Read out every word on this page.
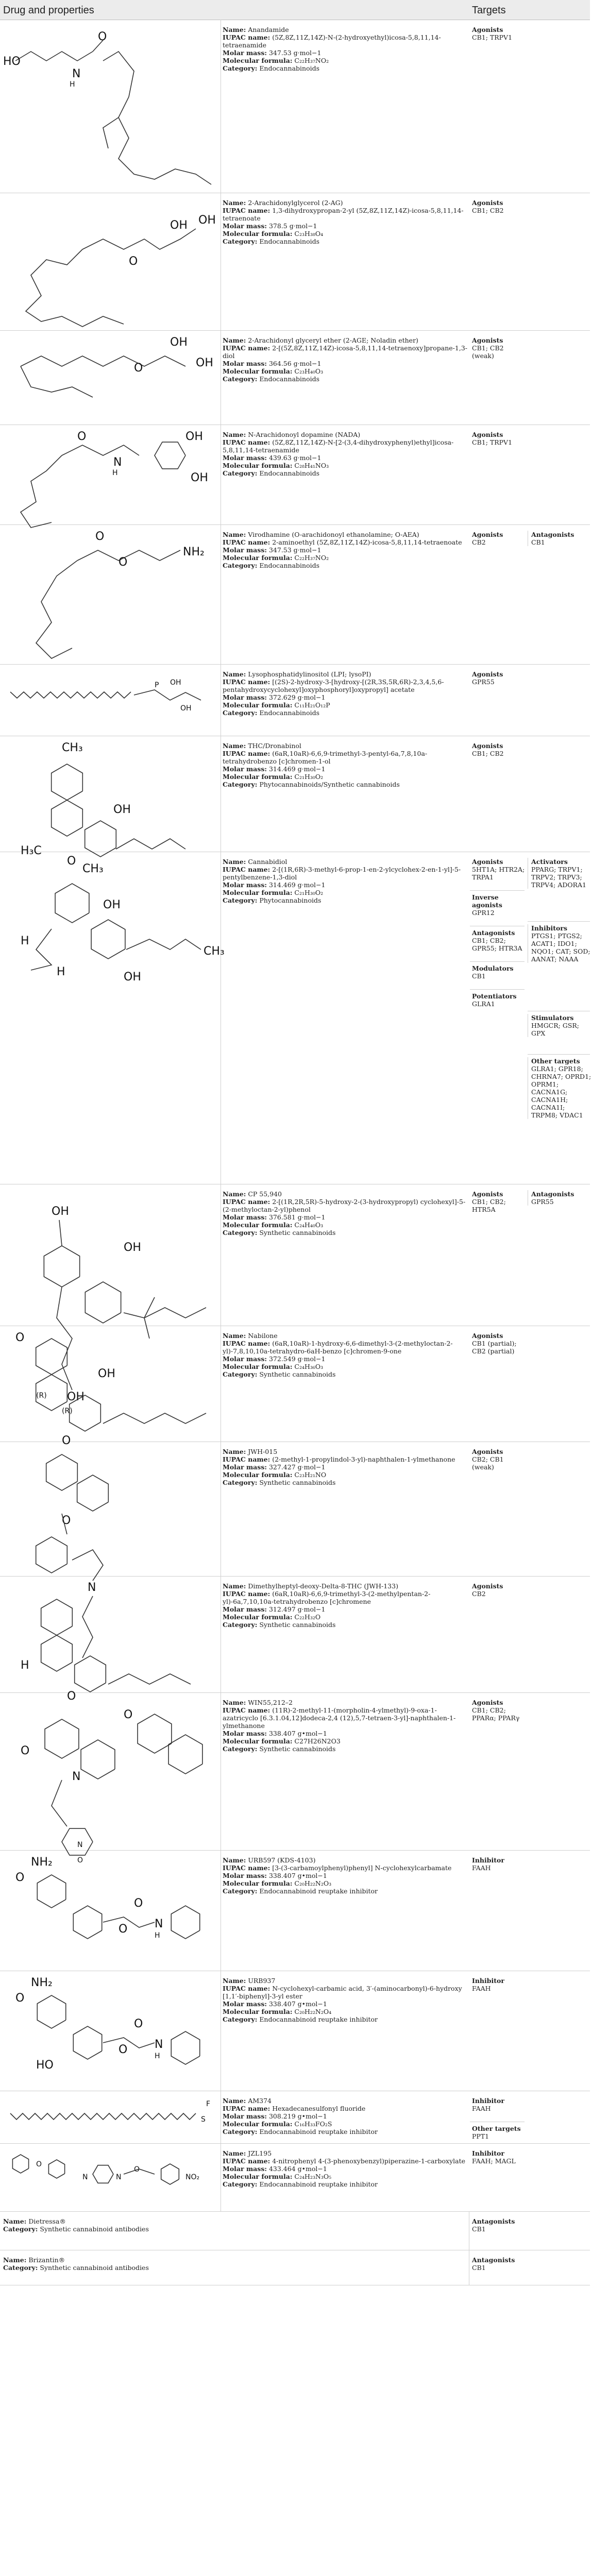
Drug and properties	Targets
HO
N
O
H
Name: Anandamide
IUPAC name: (5Z,8Z,11Z,14Z)-N-(2-hydroxyethyl)icosa-5,8,11,14-tetraenamide
Molar mass: 347.53 g·mol−1
Molecular formula: C₂₂H₃₇NO₂
Category: Endocannabinoids
Agonists
CB1; TRPV1
O
OH OH
Name: 2-Arachidonylglycerol (2-AG)
IUPAC name: 1,3-dihydroxypropan-2-yl (5Z,8Z,11Z,14Z)-icosa-5,8,11,14-tetraenoate
Molar mass: 378.5 g·mol−1
Molecular formula: C₂₃H₃₈O₄
Category: Endocannabinoids
Agonists
CB1; CB2
O
OH
OH
Name: 2-Arachidonyl glyceryl ether (2-AGE; Noladin ether)
IUPAC name: 2-[(5Z,8Z,11Z,14Z)-icosa-5,8,11,14-tetraenoxy]propane-1,3-diol
Molar mass: 364.56 g·mol−1
Molecular formula: C₂₃H₄₀O₃
Category: Endocannabinoids
Agonists
CB1; CB2 (weak)
O
N
H
OH
OH
Name: N-Arachidonoyl dopamine (NADA)
IUPAC name: (5Z,8Z,11Z,14Z)-N-[2-(3,4-dihydroxyphenyl)ethyl]icosa-5,8,11,14-tetraenamide
Molar mass: 439.63 g·mol−1
Molecular formula: C₂₈H₄₁NO₃
Category: Endocannabinoids
Agonists
CB1; TRPV1
O
O
NH₂
Name: Virodhamine (O-arachidonoyl ethanolamine; O-AEA)
IUPAC name: 2-aminoethyl (5Z,8Z,11Z,14Z)-icosa-5,8,11,14-tetraenoate
Molar mass: 347.53 g·mol−1
Molecular formula: C₂₂H₃₇NO₂
Category: Endocannabinoids
Agonists
CB2
Antagonists
CB1
P OH
OH
Name: Lysophosphatidylinositol (LPI; lysoPI)
IUPAC name: [(2S)-2-hydroxy-3-[hydroxy-[(2R,3S,5R,6R)-2,3,4,5,6-pentahydroxycyclohexyl]oxyphosphoryl]oxypropyl] acetate
Molar mass: 372.629 g·mol−1
Molecular formula: C₁₁H₂₁O₁₂P
Category: Endocannabinoids
Agonists
GPR55
CH₃
H₃C
OH
O
Name: THC/Dronabinol
IUPAC name: (6aR,10aR)-6,6,9-trimethyl-3-pentyl-6a,7,8,10a-tetrahydrobenzo [c]chromen-1-ol
Molar mass: 314.469 g·mol−1
Molecular formula: C₂₁H₃₀O₂
Category: Phytocannabinoids/Synthetic cannabinoids
Agonists
CB1; CB2
CH₃
OH
OH
H
H
CH₃
Name: Cannabidiol
IUPAC name: 2-[(1R,6R)-3-methyl-6-prop-1-en-2-ylcyclohex-2-en-1-yl]-5-pentylbenzene-1,3-diol
Molar mass: 314.469 g·mol−1
Molecular formula: C₂₁H₃₀O₂
Category: Phytocannabinoids
Agonists
5HT1A; HTR2A; TRPA1
Inverse agonists
GPR12
Antagonists
CB1; CB2; GPR55; HTR3A
Modulators
CB1
Potentiators
GLRA1
Activators
PPARG; TRPV1; TRPV2; TRPV3; TRPV4; ADORA1
Inhibitors
PTGS1; PTGS2; ACAT1; IDO1; NQO1; CAT; SOD; AANAT; NAAA
Stimulators
HMGCR; GSR; GPX
Other targets
GLRA1; GPR18; CHRNA7; OPRD1; OPRM1; CACNA1G; CACNA1H; CACNA1I; TRPM8; VDAC1
OH
OH
OH
Name: CP 55,940
IUPAC name: 2-[(1R,2R,5R)-5-hydroxy-2-(3-hydroxypropyl) cyclohexyl]-5-(2-methyloctan-2-yl)phenol
Molar mass: 376.581 g·mol−1
Molecular formula: C₂₄H₄₀O₃
Category: Synthetic cannabinoids
Agonists
CB1; CB2; HTR5A
Antagonists
GPR55
O
OH
O
(R)
(R)
Name: Nabilone
IUPAC name: (6aR,10aR)-1-hydroxy-6,6-dimethyl-3-(2-methyloctan-2-yl)-7,8,10,10a-tetrahydro-6aH-benzo [c]chromen-9-one
Molar mass: 372.549 g·mol−1
Molecular formula: C₂₄H₃₆O₃
Category: Synthetic cannabinoids
Agonists
CB1 (partial); CB2 (partial)
O
N
Name: JWH-015
IUPAC name: (2-methyl-1-propylindol-3-yl)-naphthalen-1-ylmethanone
Molar mass: 327.427 g·mol−1
Molecular formula: C₂₃H₂₁NO
Category: Synthetic cannabinoids
Agonists
CB2; CB1 (weak)
H
O
Name: Dimethylheptyl-deoxy-Delta-8-THC (JWH-133)
IUPAC name: (6aR,10aR)-6,6,9-trimethyl-3-(2-methylpentan-2-yl)-6a,7,10,10a-tetrahydrobenzo [c]chromene
Molar mass: 312.497 g·mol−1
Molecular formula: C₂₂H₃₂O
Category: Synthetic cannabinoids
Agonists
CB2
O
N
O
N
O
Name: WIN55,212–2
IUPAC name: (11R)-2-methyl-11-(morpholin-4-ylmethyl)-9-oxa-1-azatricyclo [6.3.1.04,12]dodeca-2,4 (12),5,7-tetraen-3-yl]-naphthalen-1-ylmethanone
Molar mass: 338.407 g•mol−1
Molecular formula: C27H26N2O3
Category: Synthetic cannabinoids
Agonists
CB1; CB2; PPARα; PPARγ
NH₂
O
O
O
N
H
Name: URB597 (KDS-4103)
IUPAC name: [3-(3-carbamoylphenyl)phenyl] N-cyclohexylcarbamate
Molar mass: 338.407 g•mol−1
Molecular formula: C₂₀H₂₂N₂O₃
Category: Endocannabinoid reuptake inhibitor
Inhibitor
FAAH
NH₂
O
HO
O
O
N
H
Name: URB937
IUPAC name: N-cyclohexyl-carbamic acid, 3′-(aminocarbonyl)-6-hydroxy [1,1′-biphenyl]-3-yl ester
Molar mass: 338.407 g•mol−1
Molecular formula: C₂₀H₂₂N₂O₄
Category: Endocannabinoid reuptake inhibitor
Inhibitor
FAAH
F
S
Name: AM374
IUPAC name: Hexadecanesulfonyl fluoride
Molar mass: 308.219 g•mol−1
Molecular formula: C₁₆H₃₃FO₂S
Category: Endocannabinoid reuptake inhibitor
Inhibitor
FAAH
Other targets
PPT1
O
N	N
O
NO₂
Name: JZL195
IUPAC name: 4-nitrophenyl 4-(3-phenoxybenzyl)piperazine-1-carboxylate
Molar mass: 433.464 g•mol−1
Molecular formula: C₂₄H₂₃N₃O₅
Category: Endocannabinoid reuptake inhibitor
Inhibitor
FAAH; MAGL
Name: Dietressa®
Category: Synthetic cannabinoid antibodies
Antagonists
CB1
Name: Brizantin®
Category: Synthetic cannabinoid antibodies
Antagonists
CB1
